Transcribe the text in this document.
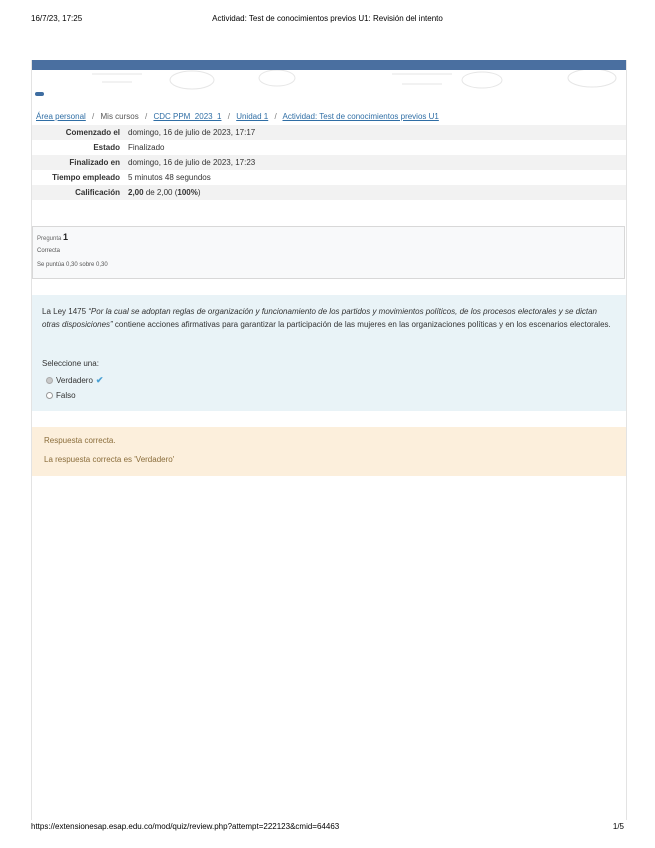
16/7/23, 17:25	Actividad: Test de conocimientos previos U1: Revisión del intento
Área personal / Mis cursos / CDC PPM_2023_1 / Unidad 1 / Actividad: Test de conocimientos previos U1
Comenzado el	domingo, 16 de julio de 2023, 17:17
Estado	Finalizado
Finalizado en	domingo, 16 de julio de 2023, 17:23
Tiempo empleado	5 minutos 48 segundos
Calificación	2,00 de 2,00 (100%)
Pregunta 1
Correcta
Se puntúa 0,30 sobre 0,30
La Ley 1475 “Por la cual se adoptan reglas de organización y funcionamiento de los partidos y movimientos políticos, de los procesos electorales y se dictan otras disposiciones” contiene acciones afirmativas para garantizar la participación de las mujeres en las organizaciones políticas y en los escenarios electorales.
Seleccione una:
Verdadero ✔
Falso
Respuesta correcta.
La respuesta correcta es 'Verdadero'
https://extensionesap.esap.edu.co/mod/quiz/review.php?attempt=222123&cmid=64463	1/5
